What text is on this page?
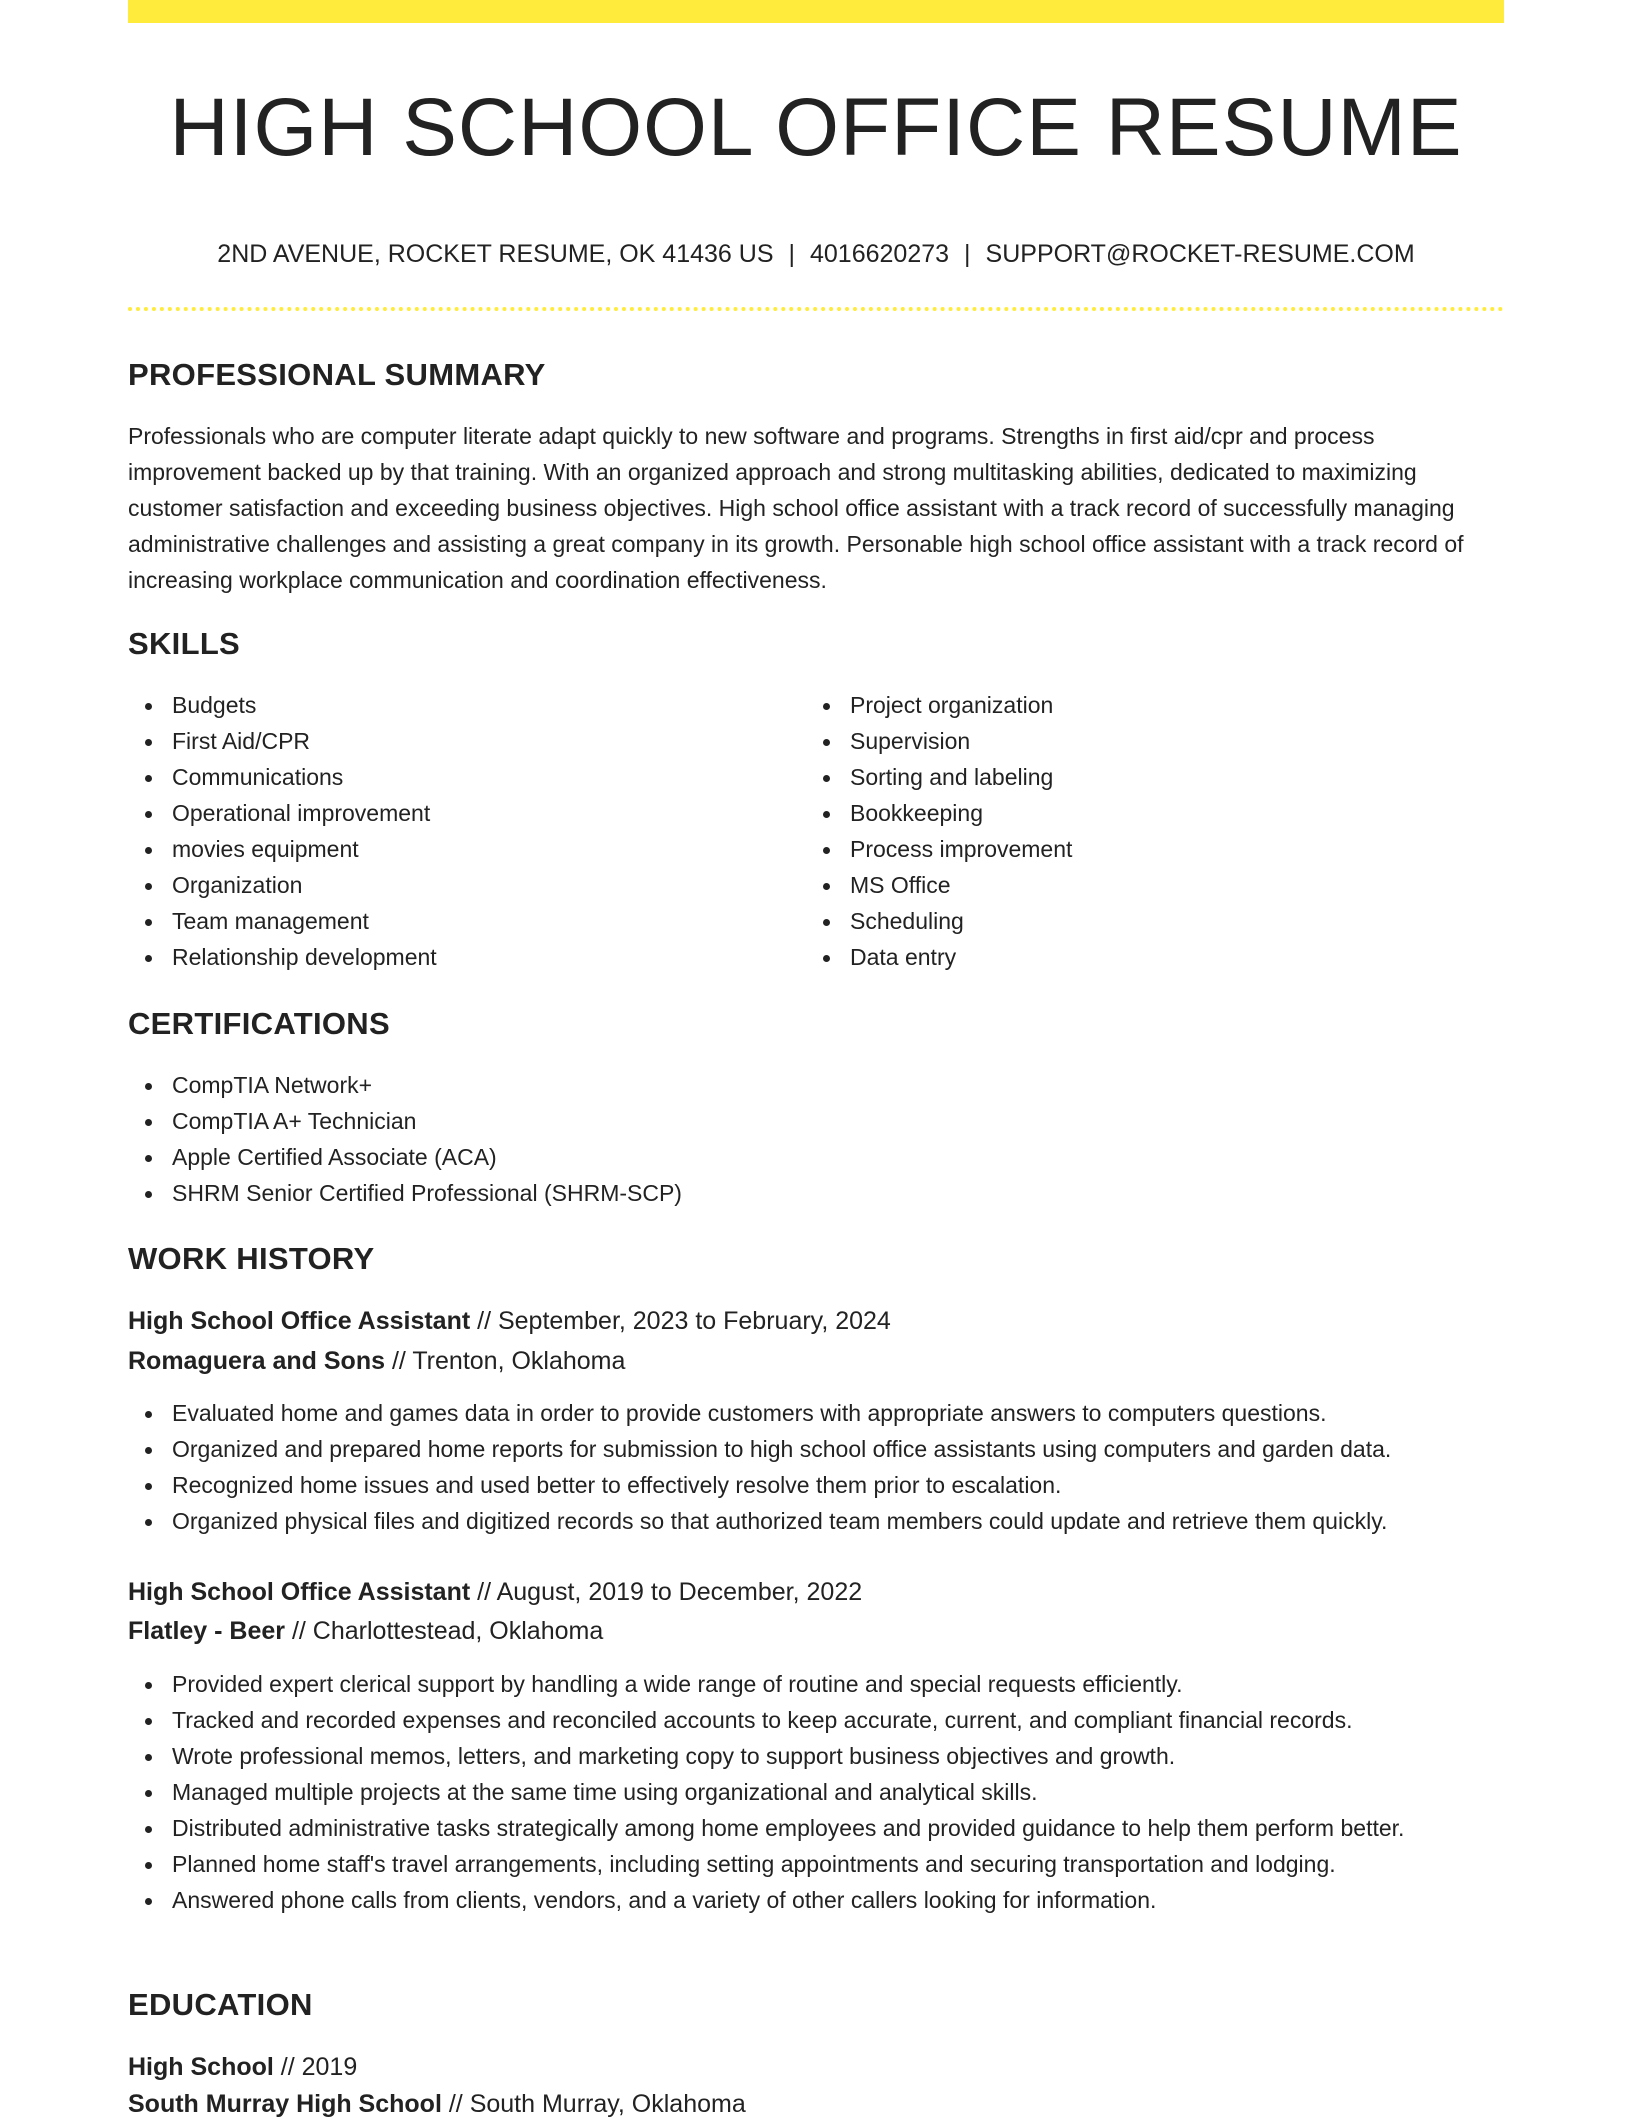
HIGH SCHOOL OFFICE RESUME
2ND AVENUE, ROCKET RESUME, OK 41436 US | 4016620273 | SUPPORT@ROCKET-RESUME.COM
PROFESSIONAL SUMMARY

Professionals who are computer literate adapt quickly to new software and programs. Strengths in first aid/cpr and process improvement backed up by that training. With an organized approach and strong multitasking abilities, dedicated to maximizing customer satisfaction and exceeding business objectives. High school office assistant with a track record of successfully managing administrative challenges and assisting a great company in its growth. Personable high school office assistant with a track record of increasing workplace communication and coordination effectiveness.

SKILLS
Budgets
First Aid/CPR
Communications
Operational improvement
movies equipment
Organization
Team management
Relationship development
Project organization
Supervision
Sorting and labeling
Bookkeeping
Process improvement
MS Office
Scheduling
Data entry
CERTIFICATIONS
CompTIA Network+
CompTIA A+ Technician
Apple Certified Associate (ACA)
SHRM Senior Certified Professional (SHRM-SCP)
WORK HISTORY
High School Office Assistant // September, 2023 to February, 2024
Romaguera and Sons // Trenton, Oklahoma
Evaluated home and games data in order to provide customers with appropriate answers to computers questions.
Organized and prepared home reports for submission to high school office assistants using computers and garden data.
Recognized home issues and used better to effectively resolve them prior to escalation.
Organized physical files and digitized records so that authorized team members could update and retrieve them quickly.
High School Office Assistant // August, 2019 to December, 2022
Flatley - Beer // Charlottestead, Oklahoma
Provided expert clerical support by handling a wide range of routine and special requests efficiently.
Tracked and recorded expenses and reconciled accounts to keep accurate, current, and compliant financial records.
Wrote professional memos, letters, and marketing copy to support business objectives and growth.
Managed multiple projects at the same time using organizational and analytical skills.
Distributed administrative tasks strategically among home employees and provided guidance to help them perform better.
Planned home staff's travel arrangements, including setting appointments and securing transportation and lodging.
Answered phone calls from clients, vendors, and a variety of other callers looking for information.
EDUCATION
High School // 2019
South Murray High School // South Murray, Oklahoma
